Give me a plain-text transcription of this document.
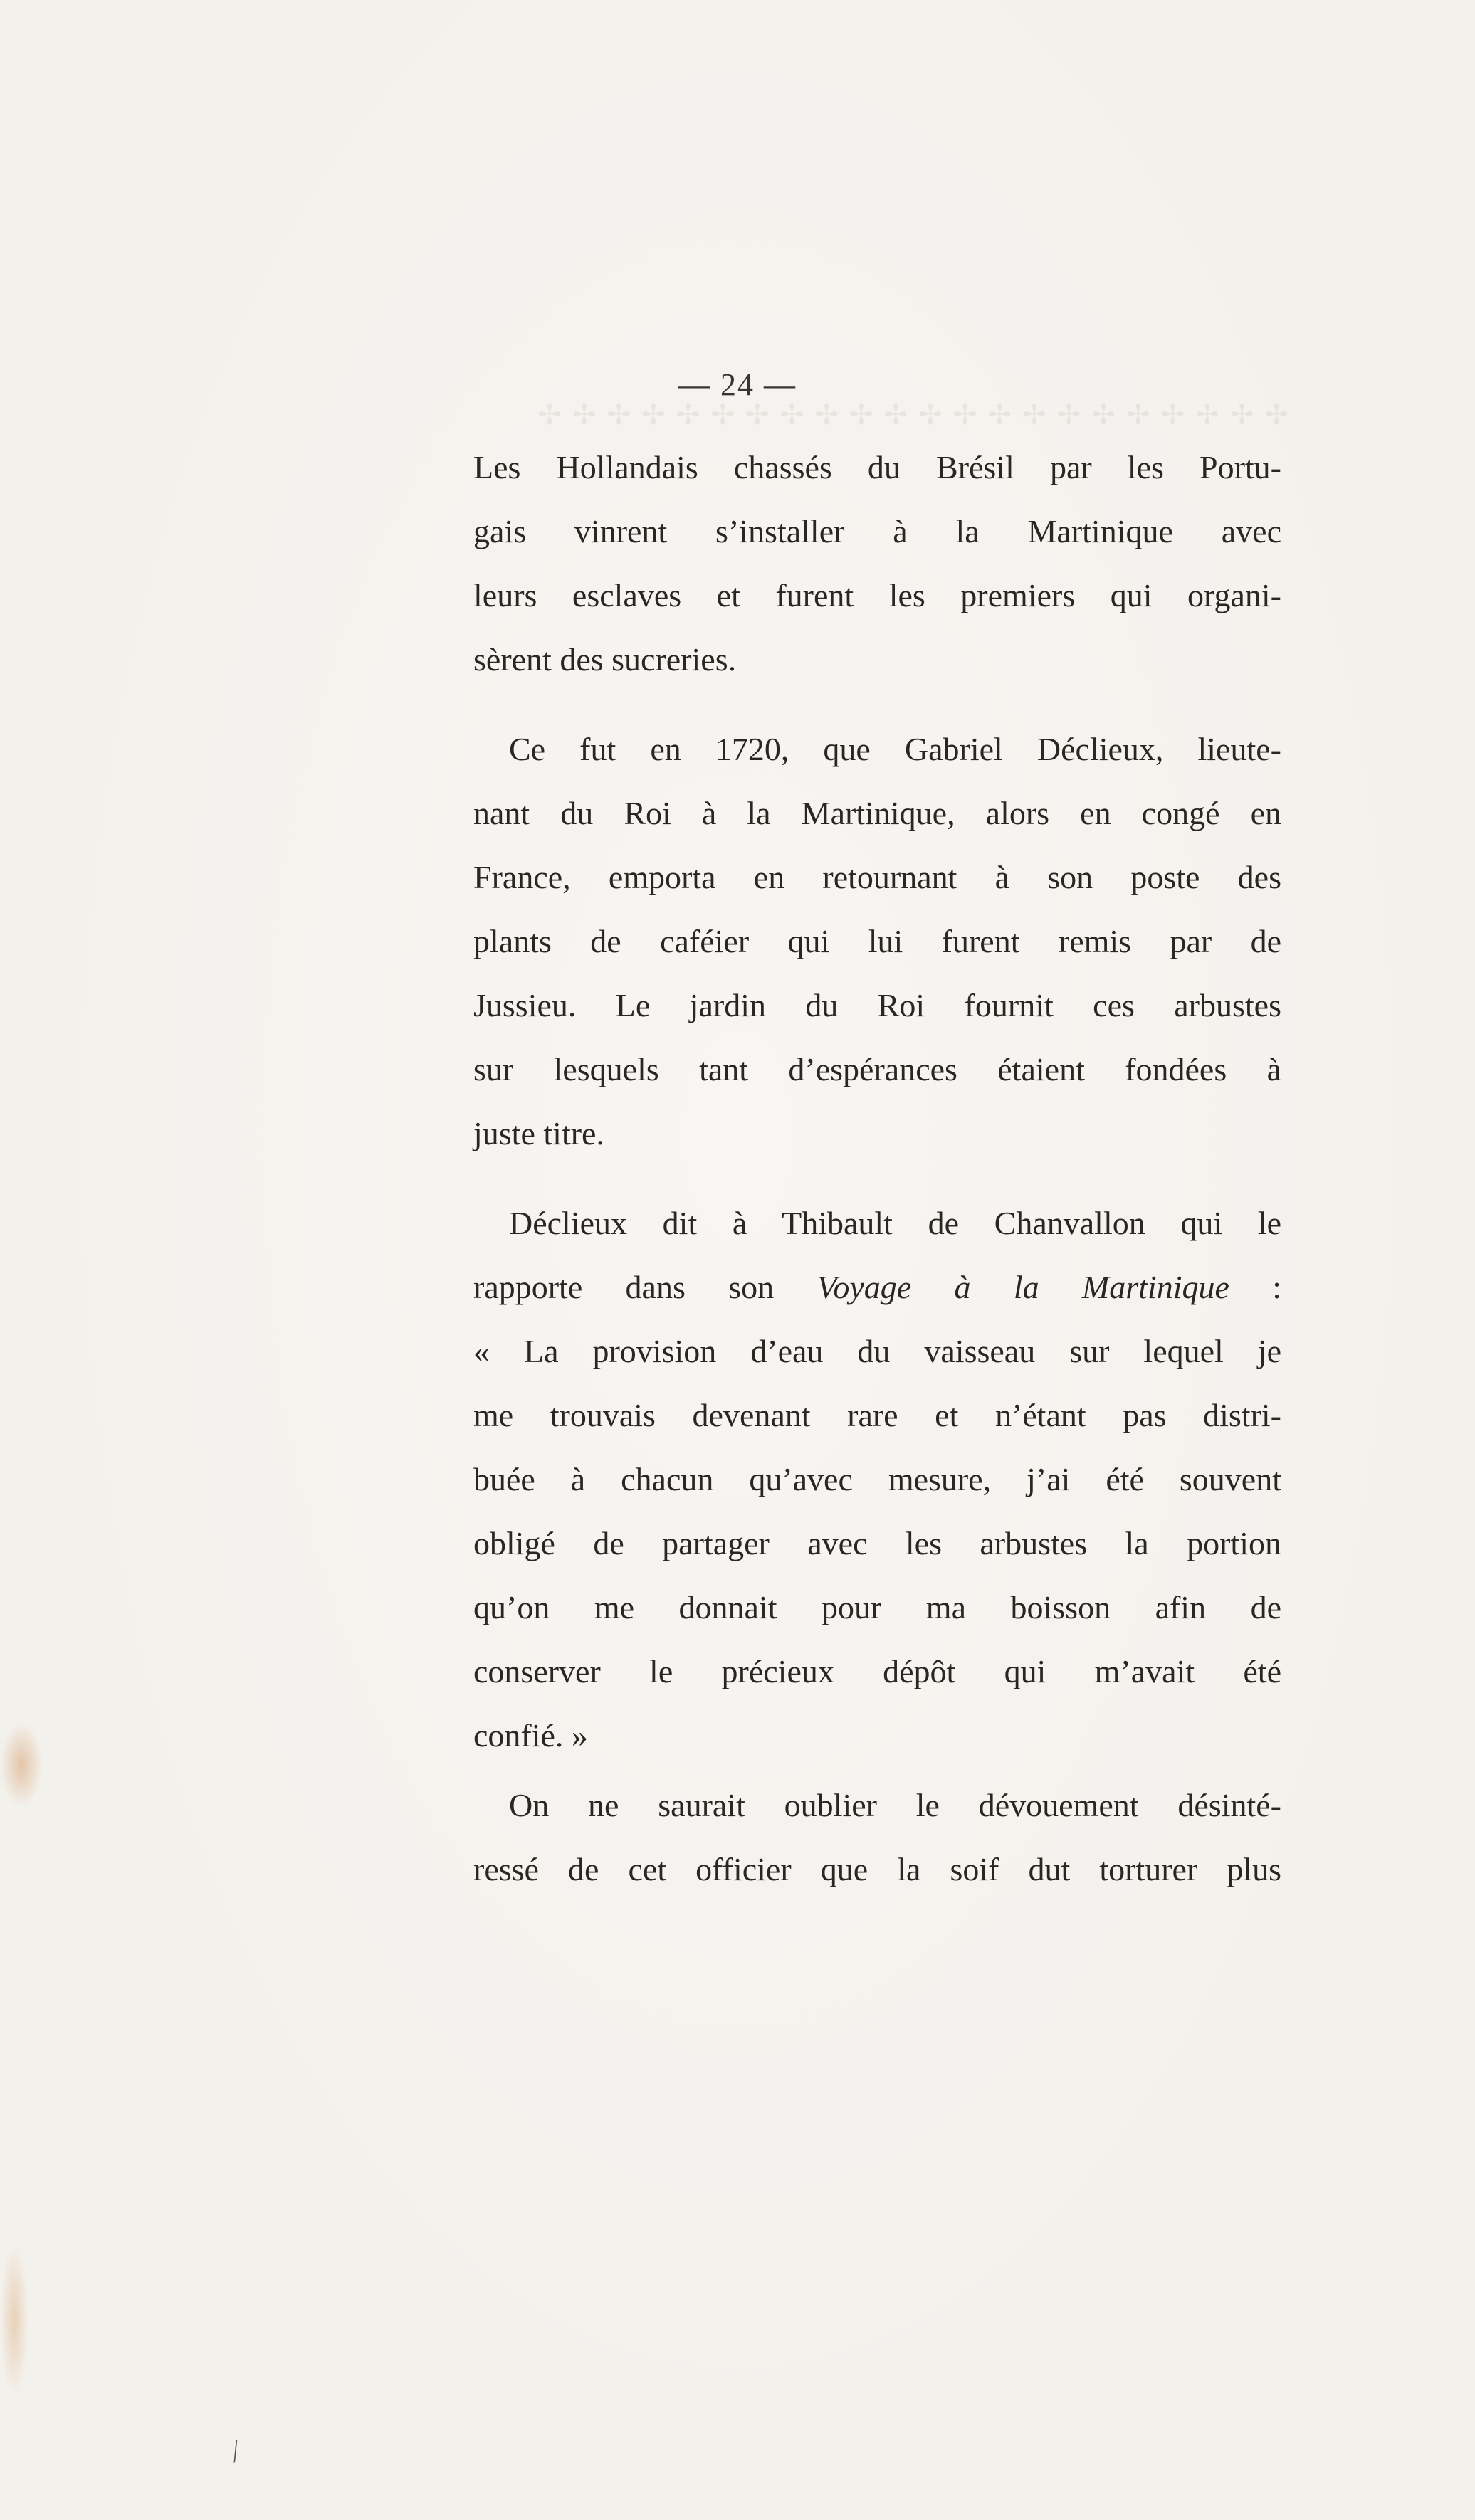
✢ ✢ ✢ ✢ ✢ ✢ ✢ ✢ ✢ ✢ ✢ ✢ ✢ ✢ ✢ ✢ ✢ ✢ ✢ ✢ ✢ ✢
— 24 —
Les Hollandais chassés du Brésil par les Portu-
gais vinrent s’installer à la Martinique avec
leurs esclaves et furent les premiers qui organi-
sèrent des sucreries.
Ce fut en 1720, que Gabriel Déclieux, lieute-
nant du Roi à la Martinique, alors en congé en
France, emporta en retournant à son poste des
plants de caféier qui lui furent remis par de
Jussieu. Le jardin du Roi fournit ces arbustes
sur lesquels tant d’espérances étaient fondées à
juste titre.
Déclieux dit à Thibault de Chanvallon qui le
rapporte dans son Voyage à la Martinique :
« La provision d’eau du vaisseau sur lequel je
me trouvais devenant rare et n’étant pas distri-
buée à chacun qu’avec mesure, j’ai été souvent
obligé de partager avec les arbustes la portion
qu’on me donnait pour ma boisson afin de
conserver le précieux dépôt qui m’avait été
confié. »
On ne saurait oublier le dévouement désinté-
ressé de cet officier que la soif dut torturer plus
⁄
